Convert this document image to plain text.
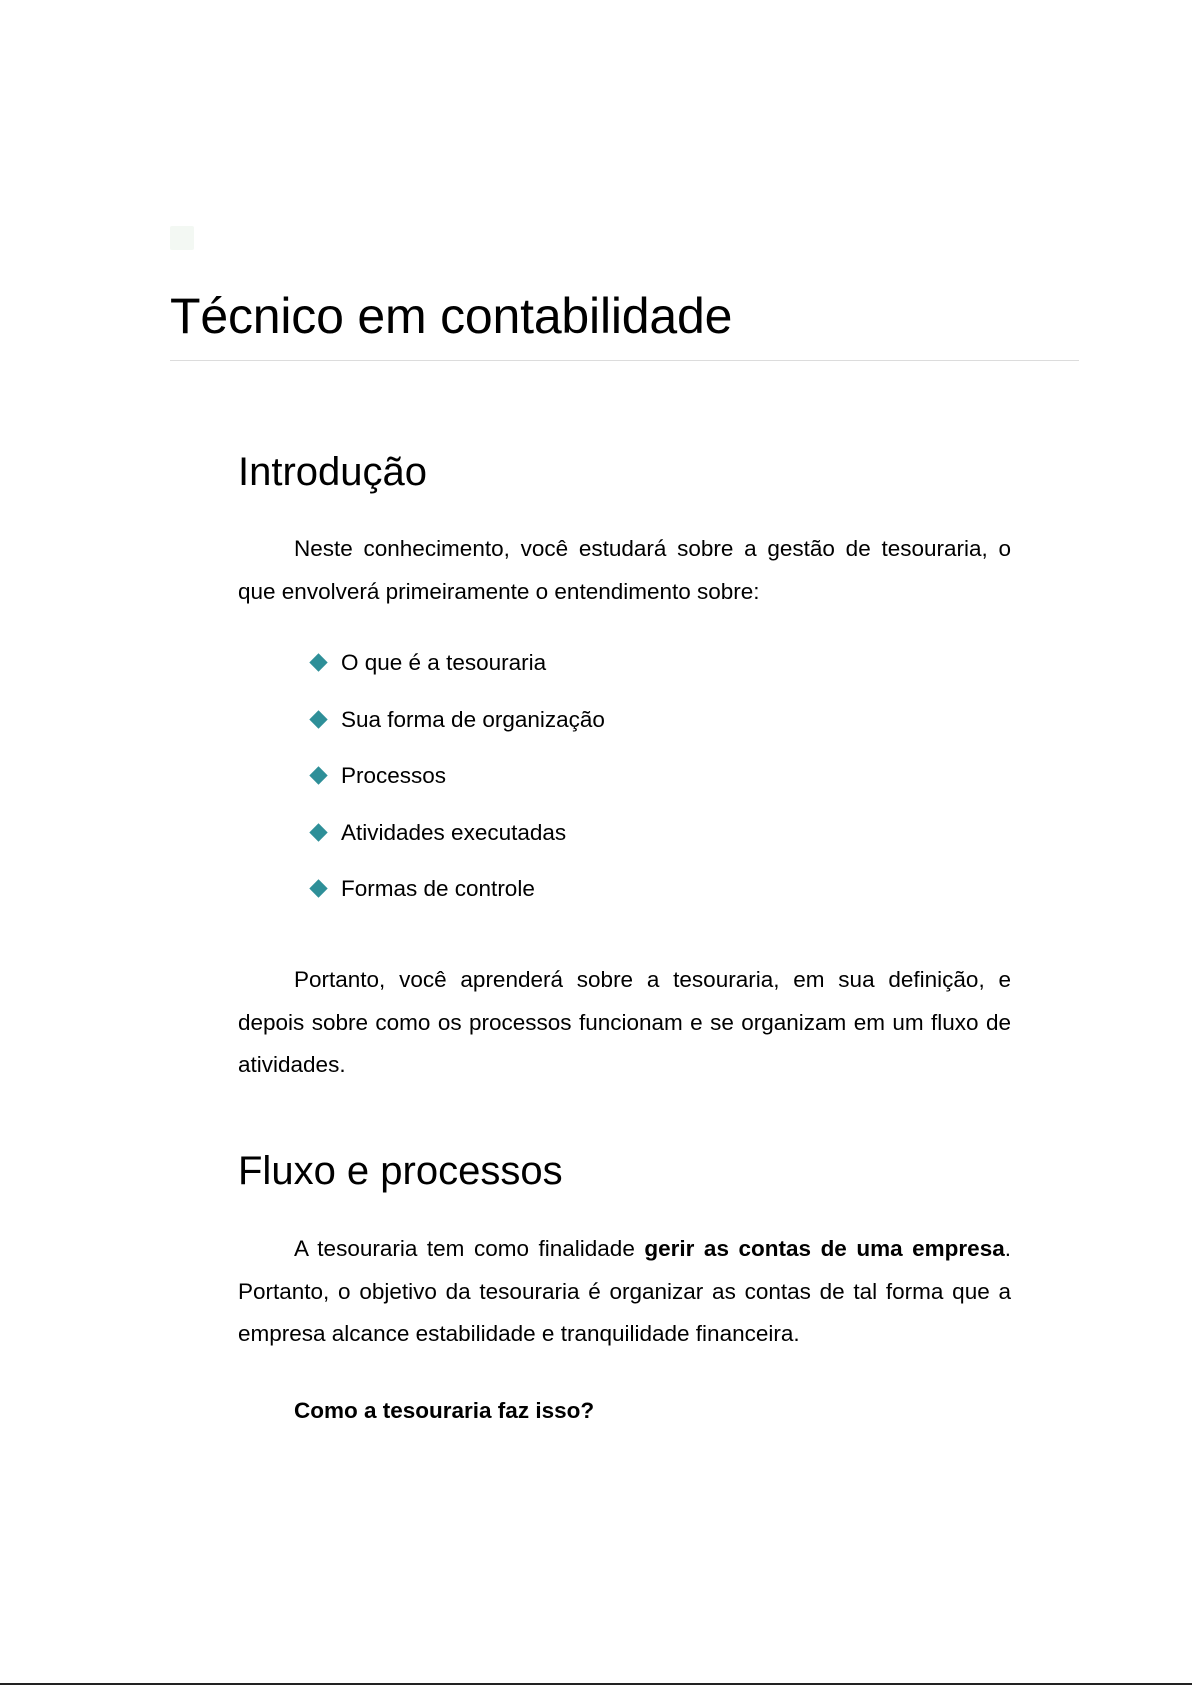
Técnico em contabilidade
Introdução

Neste conhecimento, você estudará sobre a gestão de tesouraria, o que envolverá primeiramente o entendimento sobre:

O que é a tesouraria
Sua forma de organização
Processos
Atividades executadas
Formas de controle

Portanto, você aprenderá sobre a tesouraria, em sua definição, e depois sobre como os processos funcionam e se organizam em um fluxo de atividades.

Fluxo e processos

A tesouraria tem como finalidade gerir as contas de uma empresa. Portanto, o objetivo da tesouraria é organizar as contas de tal forma que a empresa alcance estabilidade e tranquilidade financeira.

Como a tesouraria faz isso?
